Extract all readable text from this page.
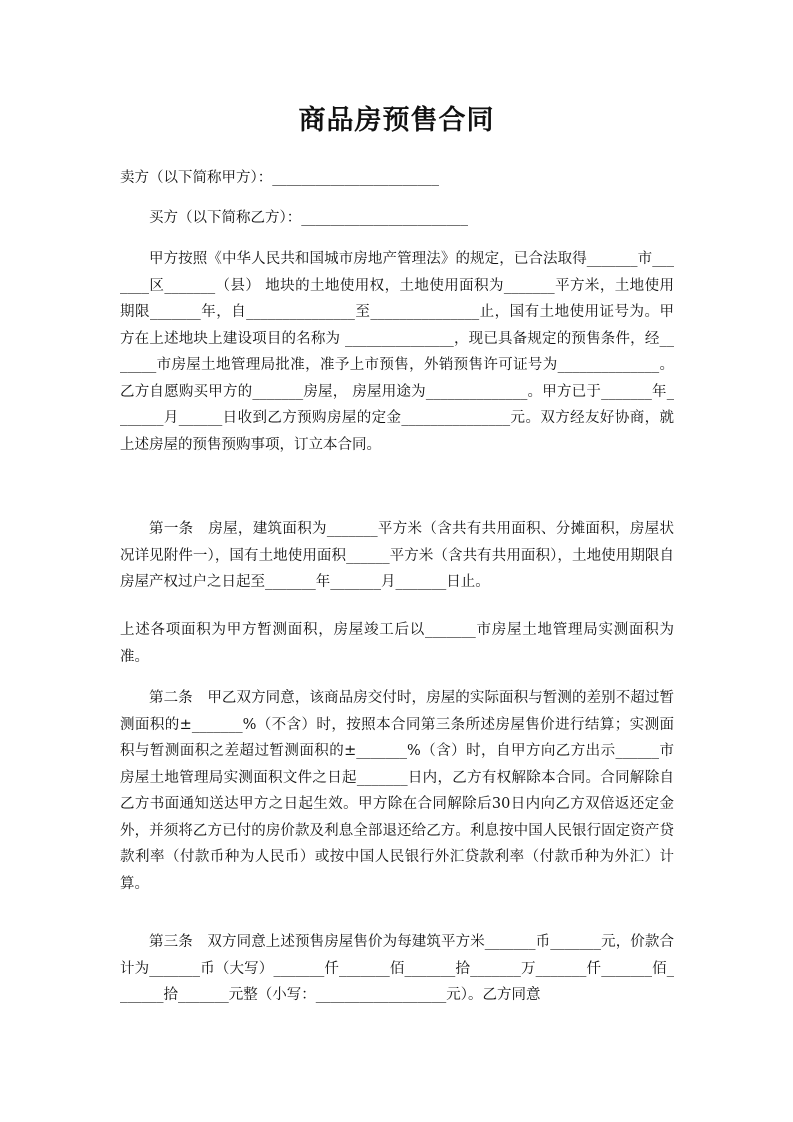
商品房预售合同

卖方（以下简称甲方）：_______________________

买方（以下简称乙方）：_______________________

甲方按照《中华人民共和国城市房地产管理法》的规定，已合法取得_______市_______区_______（县） 地块的土地使用权，土地使用面积为_______平方米，土地使用期限_______年，自_______________至_______________止，国有土地使用证号为。甲方在上述地块上建设项目的名称为 _______________，现已具备规定的预售条件，经_______市房屋土地管理局批准，准予上市预售，外销预售许可证号为______________。 乙方自愿购买甲方的_______房屋， 房屋用途为______________。甲方已于_______年_______月______日收到乙方预购房屋的定金_______________元。双方经友好协商，就上述房屋的预售预购事项，订立本合同。

第一条　房屋，建筑面积为_______平方米（含共有共用面积、分摊面积，房屋状况详见附件一），国有土地使用面积______平方米（含共有共用面积），土地使用期限自房屋产权过户之日起至_______年_______月_______日止。

上述各项面积为甲方暂测面积，房屋竣工后以_______市房屋土地管理局实测面积为准。

第二条　甲乙双方同意，该商品房交付时，房屋的实际面积与暂测的差别不超过暂测面积的±_______%（不含）时，按照本合同第三条所述房屋售价进行结算；实测面积与暂测面积之差超过暂测面积的±_______%（含）时，自甲方向乙方出示______市房屋土地管理局实测面积文件之日起_______日内，乙方有权解除本合同。合同解除自乙方书面通知送达甲方之日起生效。甲方除在合同解除后30日内向乙方双倍返还定金外，并须将乙方已付的房价款及利息全部退还给乙方。利息按中国人民银行固定资产贷款利率（付款币种为人民币）或按中国人民银行外汇贷款利率（付款币种为外汇）计算。

第三条　双方同意上述预售房屋售价为每建筑平方米_______币_______元，价款合计为_______币（大写）_______仟_______佰_______拾_______万_______仟_______佰_______拾_______元整（小写：__________________元）。乙方同意
